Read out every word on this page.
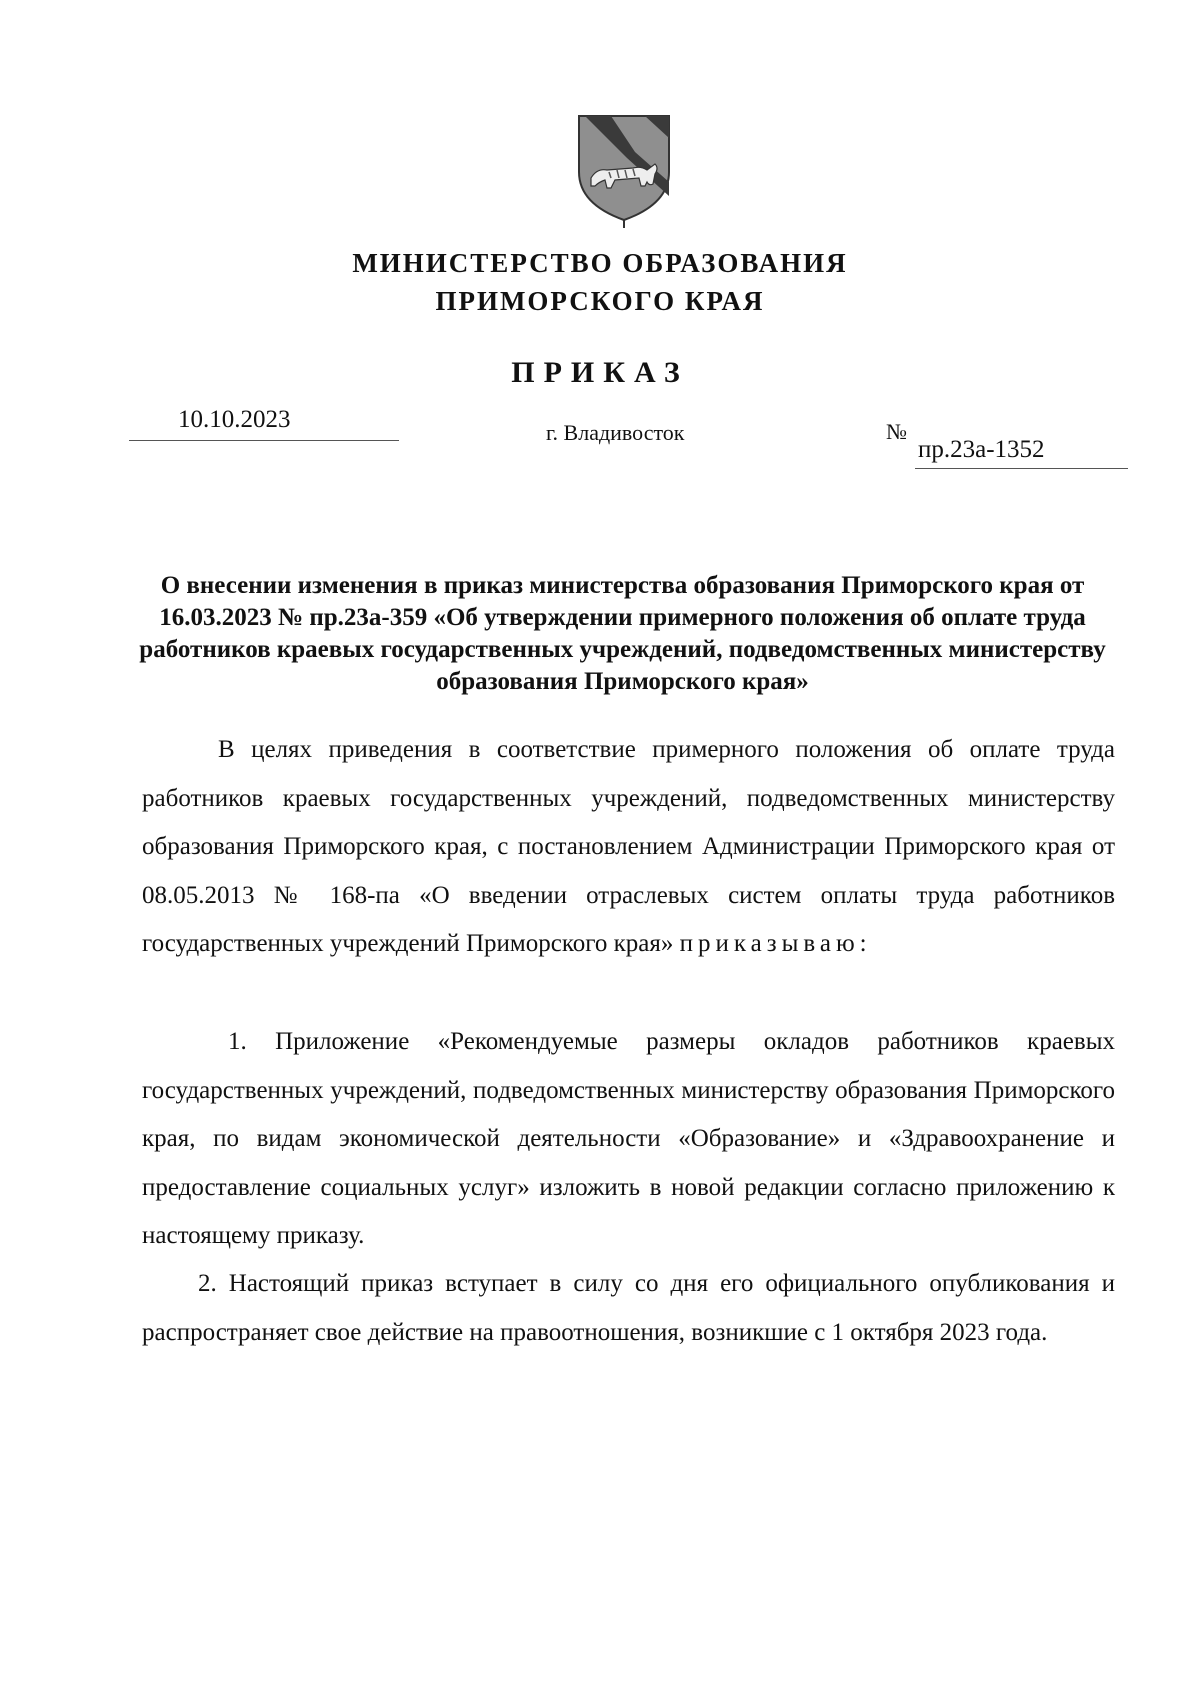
МИНИСТЕРСТВО ОБРАЗОВАНИЯ
ПРИМОРСКОГО КРАЯ
ПРИКАЗ
10.10.2023	г. Владивосток	№
пр.23а-1352
О внесении изменения в приказ министерства образования Приморского края от 16.03.2023 № пр.23а-359 «Об утверждении примерного положения об оплате труда работников краевых государственных учреждений, подведомственных министерству образования Приморского края»
В целях приведения в соответствие примерного положения об оплате труда работников краевых государственных учреждений, подведомственных министерству образования Приморского края, с постановлением Администрации Приморского края от 08.05.2013 № 168-па «О введении отраслевых систем оплаты труда работников государственных учреждений Приморского края» приказываю:
1. Приложение «Рекомендуемые размеры окладов работников краевых государственных учреждений, подведомственных министерству образования Приморского края, по видам экономической деятельности «Образование» и «Здравоохранение и предоставление социальных услуг» изложить в новой редакции согласно приложению к настоящему приказу.
2. Настоящий приказ вступает в силу со дня его официального опубликования и распространяет свое действие на правоотношения, возникшие с 1 октября 2023 года.
